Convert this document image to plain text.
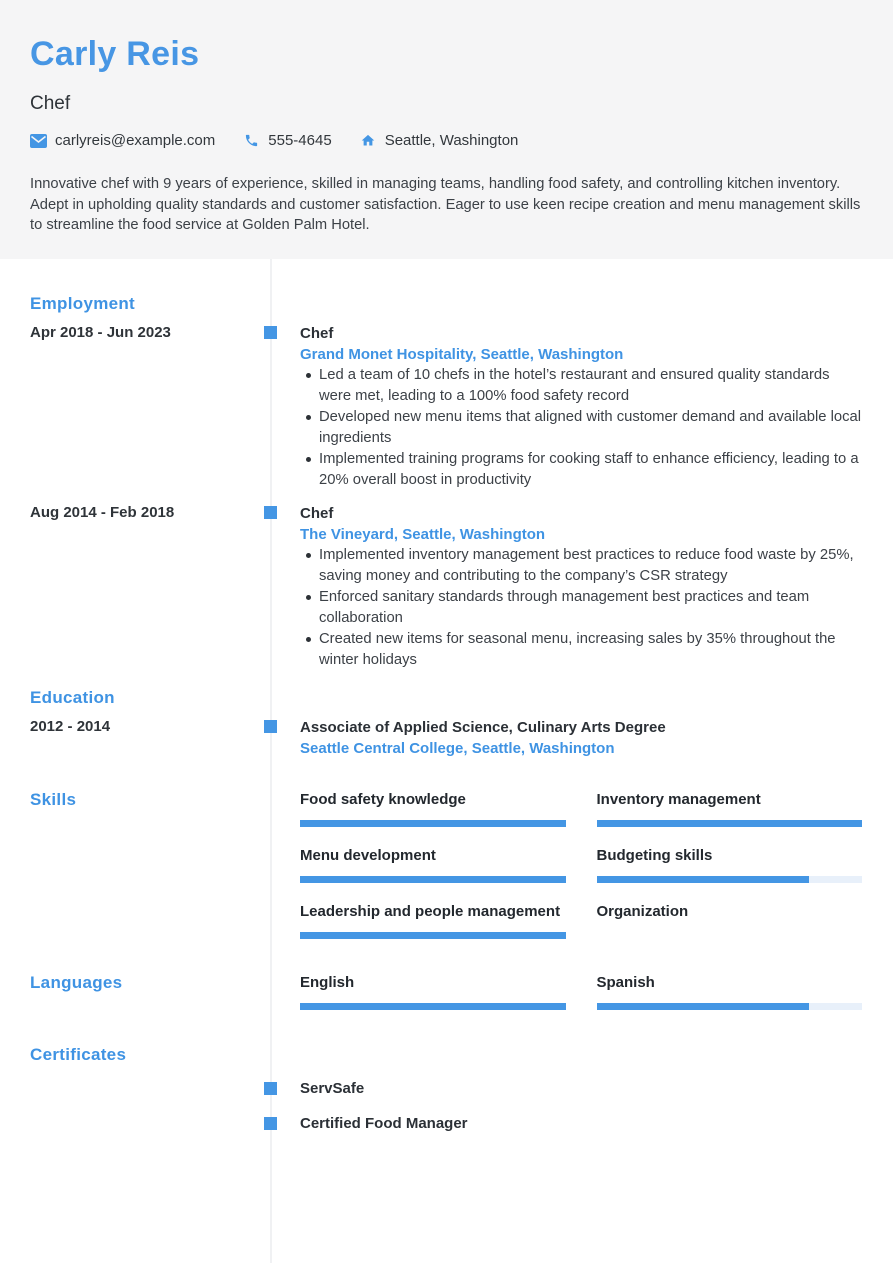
Carly Reis
Chef
carlyreis@example.com	555-4645	Seattle, Washington
Innovative chef with 9 years of experience, skilled in managing teams, handling food safety, and controlling kitchen inventory. Adept in upholding quality standards and customer satisfaction. Eager to use keen recipe creation and menu management skills to streamline the food service at Golden Palm Hotel.
Employment
Apr 2018 - Jun 2023	Chef
Grand Monet Hospitality, Seattle, Washington
Led a team of 10 chefs in the hotel’s restaurant and ensured quality standards were met, leading to a 100% food safety record
Developed new menu items that aligned with customer demand and available local ingredients
Implemented training programs for cooking staff to enhance efficiency, leading to a 20% overall boost in productivity
Aug 2014 - Feb 2018	Chef
The Vineyard, Seattle, Washington
Implemented inventory management best practices to reduce food waste by 25%, saving money and contributing to the company’s CSR strategy
Enforced sanitary standards through management best practices and team collaboration
Created new items for seasonal menu, increasing sales by 35% throughout the winter holidays
Education
2012 - 2014	Associate of Applied Science, Culinary Arts Degree
Seattle Central College, Seattle, Washington
Skills	Food safety knowledge	Inventory management
Menu development	Budgeting skills
Leadership and people management	Organization
Languages	English	Spanish
Certificates
ServSafe
Certified Food Manager
